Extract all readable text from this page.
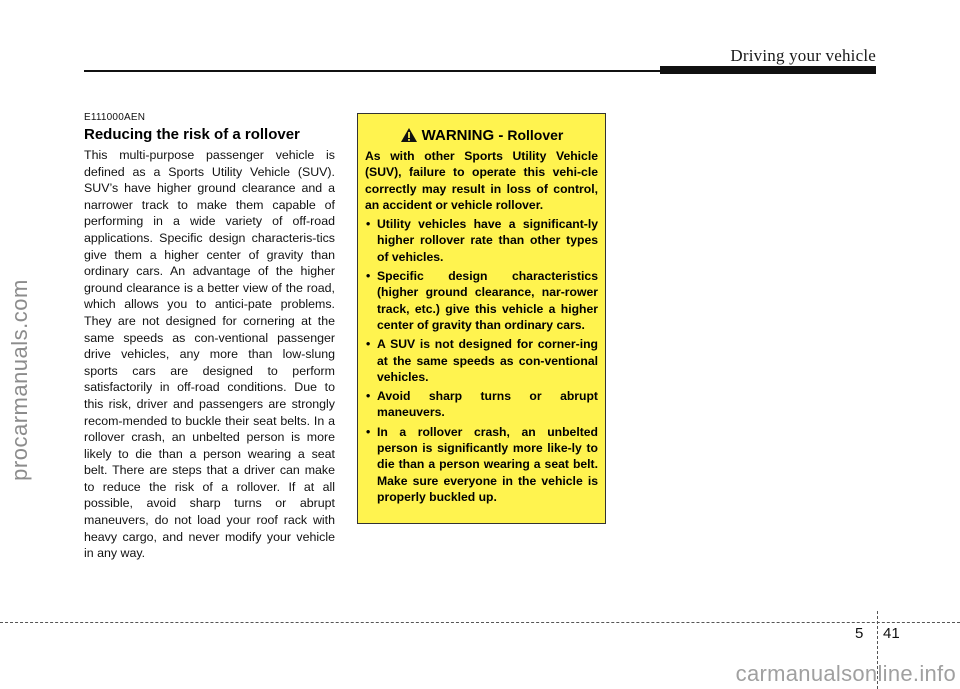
Driving your vehicle
procarmanuals.com
E111000AEN
Reducing the risk of a rollover
This multi-purpose passenger vehicle is defined as a Sports Utility Vehicle (SUV). SUV’s have higher ground clearance and a narrower track to make them capable of performing in a wide variety of off-road applications. Specific design characteris-tics give them a higher center of gravity than ordinary cars. An advantage of the higher ground clearance is a better view of the road, which allows you to antici-pate problems. They are not designed for cornering at the same speeds as con-ventional passenger drive vehicles, any more than low-slung sports cars are designed to perform satisfactorily in off-road conditions. Due to this risk, driver and passengers are strongly recom-mended to buckle their seat belts. In a rollover crash, an unbelted person is more likely to die than a person wearing a seat belt. There are steps that a driver can make to reduce the risk of a rollover. If at all possible, avoid sharp turns or abrupt maneuvers, do not load your roof rack with heavy cargo, and never modify your vehicle in any way.
WARNING - Rollover
As with other Sports Utility Vehicle (SUV), failure to operate this vehi-cle correctly may result in loss of control, an accident or vehicle rollover.
• Utility vehicles have a significant-ly higher rollover rate than other types of vehicles.
• Specific design characteristics (higher ground clearance, nar-rower track, etc.) give this vehicle a higher center of gravity than ordinary cars.
• A SUV is not designed for corner-ing at the same speeds as con-ventional vehicles.
• Avoid sharp turns or abrupt maneuvers.
• In a rollover crash, an unbelted person is significantly more like-ly to die than a person wearing a seat belt. Make sure everyone in the vehicle is properly buckled up.
5 41
carmanualsonline.info
